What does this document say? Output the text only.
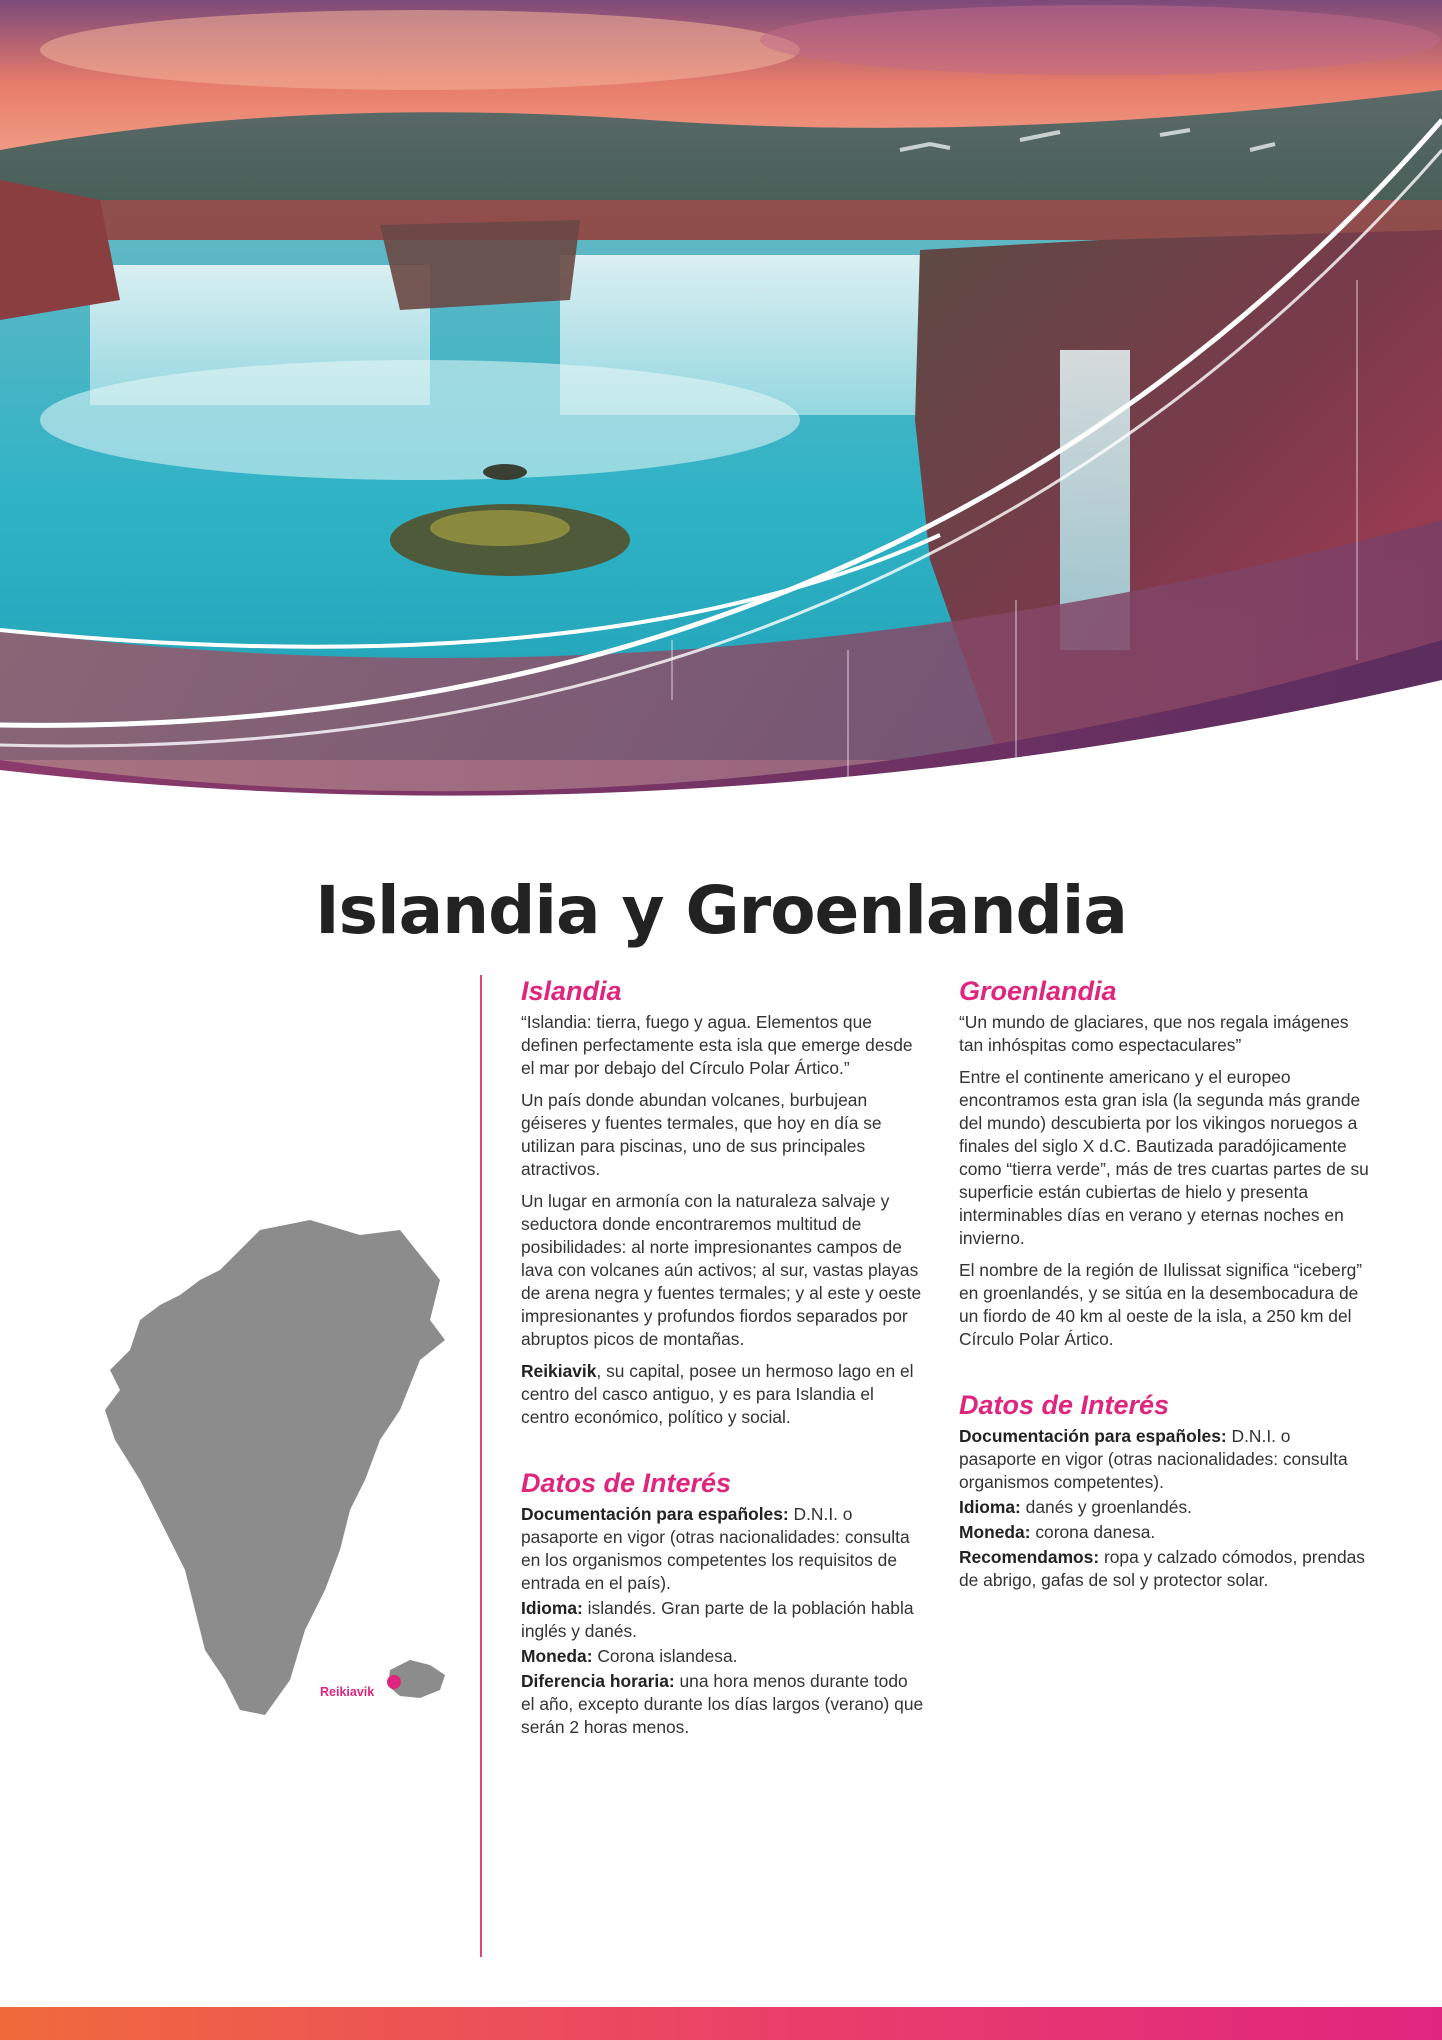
Islandia y Groenlandia
Reikiavik
Islandia

“Islandia: tierra, fuego y agua. Elementos que definen perfectamente esta isla que emerge desde el mar por debajo del Círculo Polar Ártico.”

Un país donde abundan volcanes, burbujean géiseres y fuentes termales, que hoy en día se utilizan para piscinas, uno de sus principales atractivos.

Un lugar en armonía con la naturaleza salvaje y seductora donde encontraremos multitud de posibilidades: al norte impresionantes campos de lava con volcanes aún activos; al sur, vastas playas de arena negra y fuentes termales; y al este y oeste impresionantes y profundos fiordos separados por abruptos picos de montañas.

Reikiavik, su capital, posee un hermoso lago en el centro del casco antiguo, y es para Islandia el centro económico, político y social.

Datos de Interés

Documentación para españoles: D.N.I. o pasaporte en vigor (otras nacionalidades: consulta en los organismos competentes los requisitos de entrada en el país).

Idioma: islandés. Gran parte de la población habla inglés y danés.

Moneda: Corona islandesa.

Diferencia horaria: una hora menos durante todo el año, excepto durante los días largos (verano) que serán 2 horas menos.

Groenlandia

“Un mundo de glaciares, que nos regala imágenes tan inhóspitas como espectaculares”

Entre el continente americano y el europeo encontramos esta gran isla (la segunda más grande del mundo) descubierta por los vikingos noruegos a finales del siglo X d.C. Bautizada paradójicamente como “tierra verde”, más de tres cuartas partes de su superficie están cubiertas de hielo y presenta interminables días en verano y eternas noches en invierno.

El nombre de la región de Ilulissat significa “iceberg” en groenlandés, y se sitúa en la desembocadura de un fiordo de 40 km al oeste de la isla, a 250 km del Círculo Polar Ártico.

Datos de Interés

Documentación para españoles: D.N.I. o pasaporte en vigor (otras nacionalidades: consulta organismos competentes).

Idioma: danés y groenlandés.

Moneda: corona danesa.

Recomendamos: ropa y calzado cómodos, prendas de abrigo, gafas de sol y protector solar.
